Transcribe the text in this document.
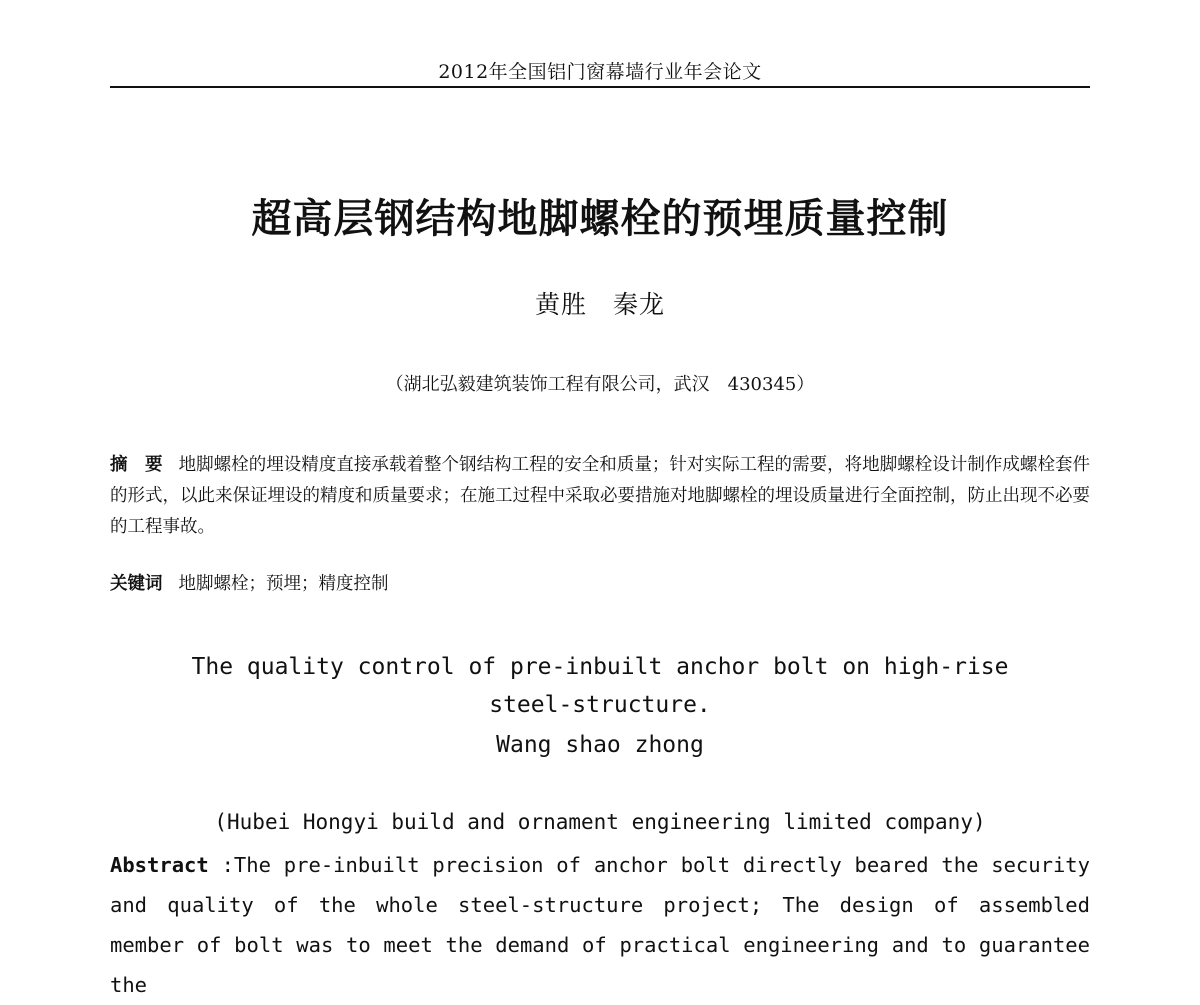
2012年全国铝门窗幕墙行业年会论文
超高层钢结构地脚螺栓的预埋质量控制
黄胜　秦龙
（湖北弘毅建筑装饰工程有限公司，武汉　430345）

摘　要 地脚螺栓的埋设精度直接承载着整个钢结构工程的安全和质量；针对实际工程的需要，将地脚螺栓设计制作成螺栓套件的形式，以此来保证埋设的精度和质量要求；在施工过程中采取必要措施对地脚螺栓的埋设质量进行全面控制，防止出现不必要的工程事故。

关键词 地脚螺栓；预埋；精度控制

The quality control of pre-inbuilt anchor bolt on high-rise
steel-structure.
Wang shao zhong
(Hubei Hongyi build and ornament engineering limited company)

Abstract :The pre-inbuilt precision of anchor bolt directly beared the security and quality of the whole steel-structure project; The design of assembled member of bolt was to meet the demand of practical engineering and to guarantee the
